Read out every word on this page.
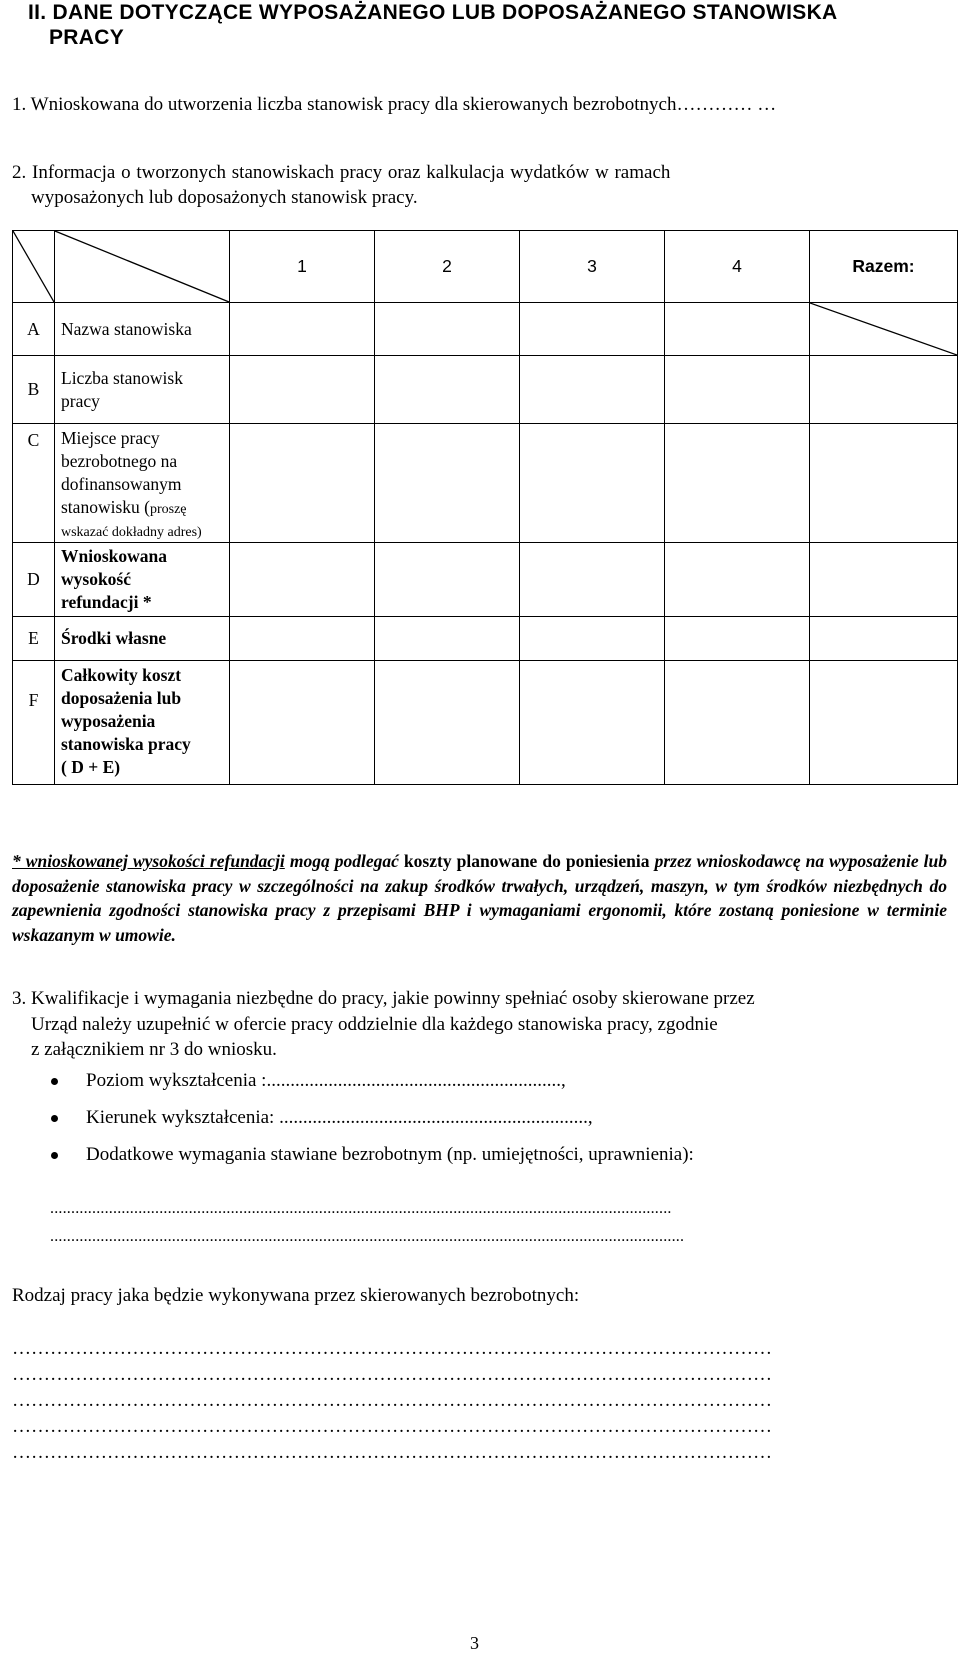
II. DANE DOTYCZĄCE WYPOSAŻANEGO LUB DOPOSAŻANEGO STANOWISKA
PRACY
1. Wnioskowana do utworzenia liczba stanowisk pracy dla skierowanych bezrobotnych………… …
2. Informacja o tworzonych stanowiskach pracy oraz kalkulacja wydatków w ramach
wyposażonych lub doposażonych stanowisk pracy.

	1	2	3	4	Razem:
A	Nazwa stanowiska					

B	Liczba stanowisk
pracy					
C	Miejsce pracy
bezrobotnego na
dofinansowanym
stanowisku (proszę
wskazać dokładny adres)					
D	Wnioskowana
wysokość
refundacji *					
E	Środki własne					
F	Całkowity koszt
doposażenia lub
wyposażenia
stanowiska pracy
( D + E)					
* wnioskowanej wysokości refundacji mogą podlegać koszty planowane do poniesienia przez wnioskodawcę na wyposażenie lub doposażenie stanowiska pracy w szczególności na zakup środków trwałych, urządzeń, maszyn, w tym środków niezbędnych do zapewnienia zgodności stanowiska pracy z przepisami BHP i wymaganiami ergonomii, które zostaną poniesione w terminie wskazanym w umowie.
3. Kwalifikacje i wymagania niezbędne do pracy, jakie powinny spełniać osoby skierowane przez
Urząd należy uzupełnić w ofercie pracy oddzielnie dla każdego stanowiska pracy, zgodnie
z załącznikiem nr 3 do wniosku.
Poziom wykształcenia :..............................................................,
Kierunek wykształcenia: .................................................................,
Dodatkowe wymagania stawiane bezrobotnym (np. umiejętności, uprawnienia):
....................................................................................................................................................
.......................................................................................................................................................
Rodzaj pracy jaka będzie wykonywana przez skierowanych bezrobotnych:
…………………………………………………………………………………………………………
…………………………………………………………………………………………………………
…………………………………………………………………………………………………………
…………………………………………………………………………………………………………
…………………………………………………………………………………………………………
3
